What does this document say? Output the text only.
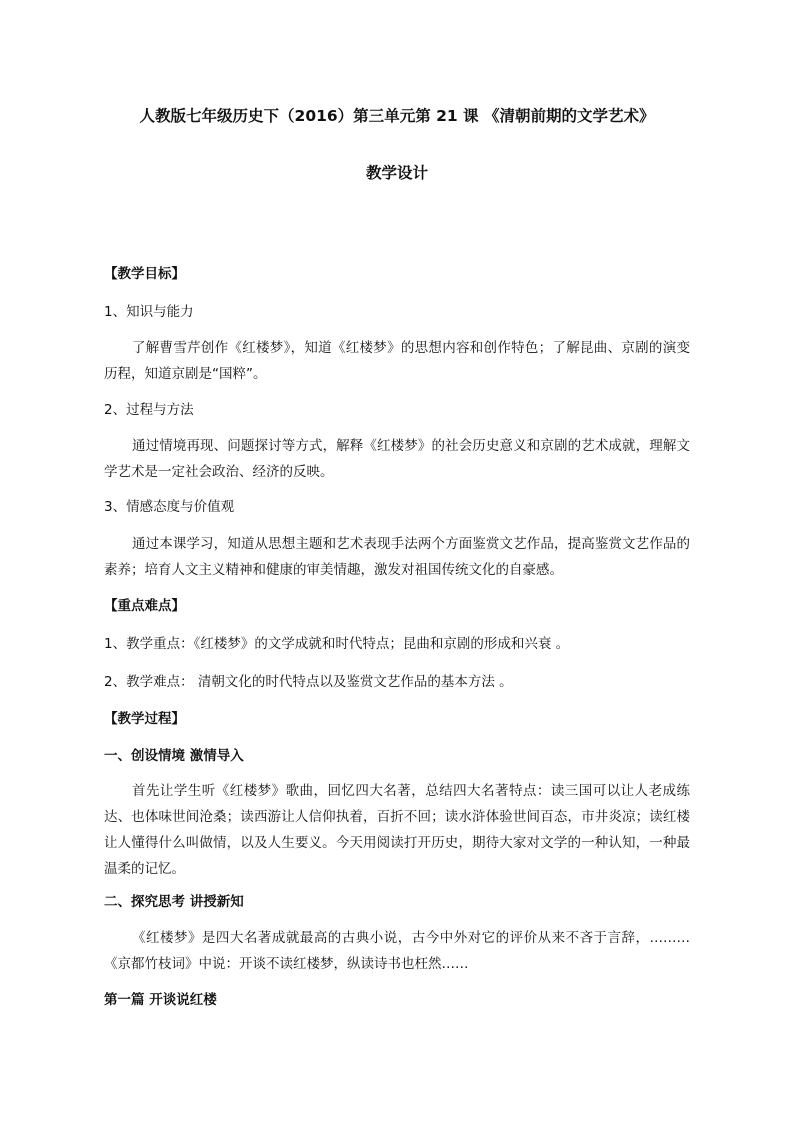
人教版七年级历史下（2016）第三单元第 21 课 《清朝前期的文学艺术》
教学设计
【教学目标】
1、知识与能力
了解曹雪芹创作《红楼梦》，知道《红楼梦》的思想内容和创作特色；了解昆曲、京剧的演变历程，知道京剧是“国粹”。
2、过程与方法
通过情境再现、问题探讨等方式，解释《红楼梦》的社会历史意义和京剧的艺术成就，理解文学艺术是一定社会政治、经济的反映。
3、情感态度与价值观
通过本课学习，知道从思想主题和艺术表现手法两个方面鉴赏文艺作品，提高鉴赏文艺作品的素养；培育人文主义精神和健康的审美情趣，激发对祖国传统文化的自豪感。
【重点难点】
1、教学重点：《红楼梦》的文学成就和时代特点；昆曲和京剧的形成和兴衰 。
2、教学难点： 清朝文化的时代特点以及鉴赏文艺作品的基本方法 。
【教学过程】
一、创设情境 激情导入
首先让学生听《红楼梦》歌曲，回忆四大名著，总结四大名著特点：读三国可以让人老成练达、也体味世间沧桑；读西游让人信仰执着，百折不回；读水浒体验世间百态，市井炎凉；读红楼让人懂得什么叫做情，以及人生要义。今天用阅读打开历史，期待大家对文学的一种认知，一种最温柔的记忆。
二、探究思考 讲授新知
《红楼梦》是四大名著成就最高的古典小说，古今中外对它的评价从来不吝于言辞，………《京都竹枝词》中说：开谈不读红楼梦，纵读诗书也枉然……
第一篇 开谈说红楼
